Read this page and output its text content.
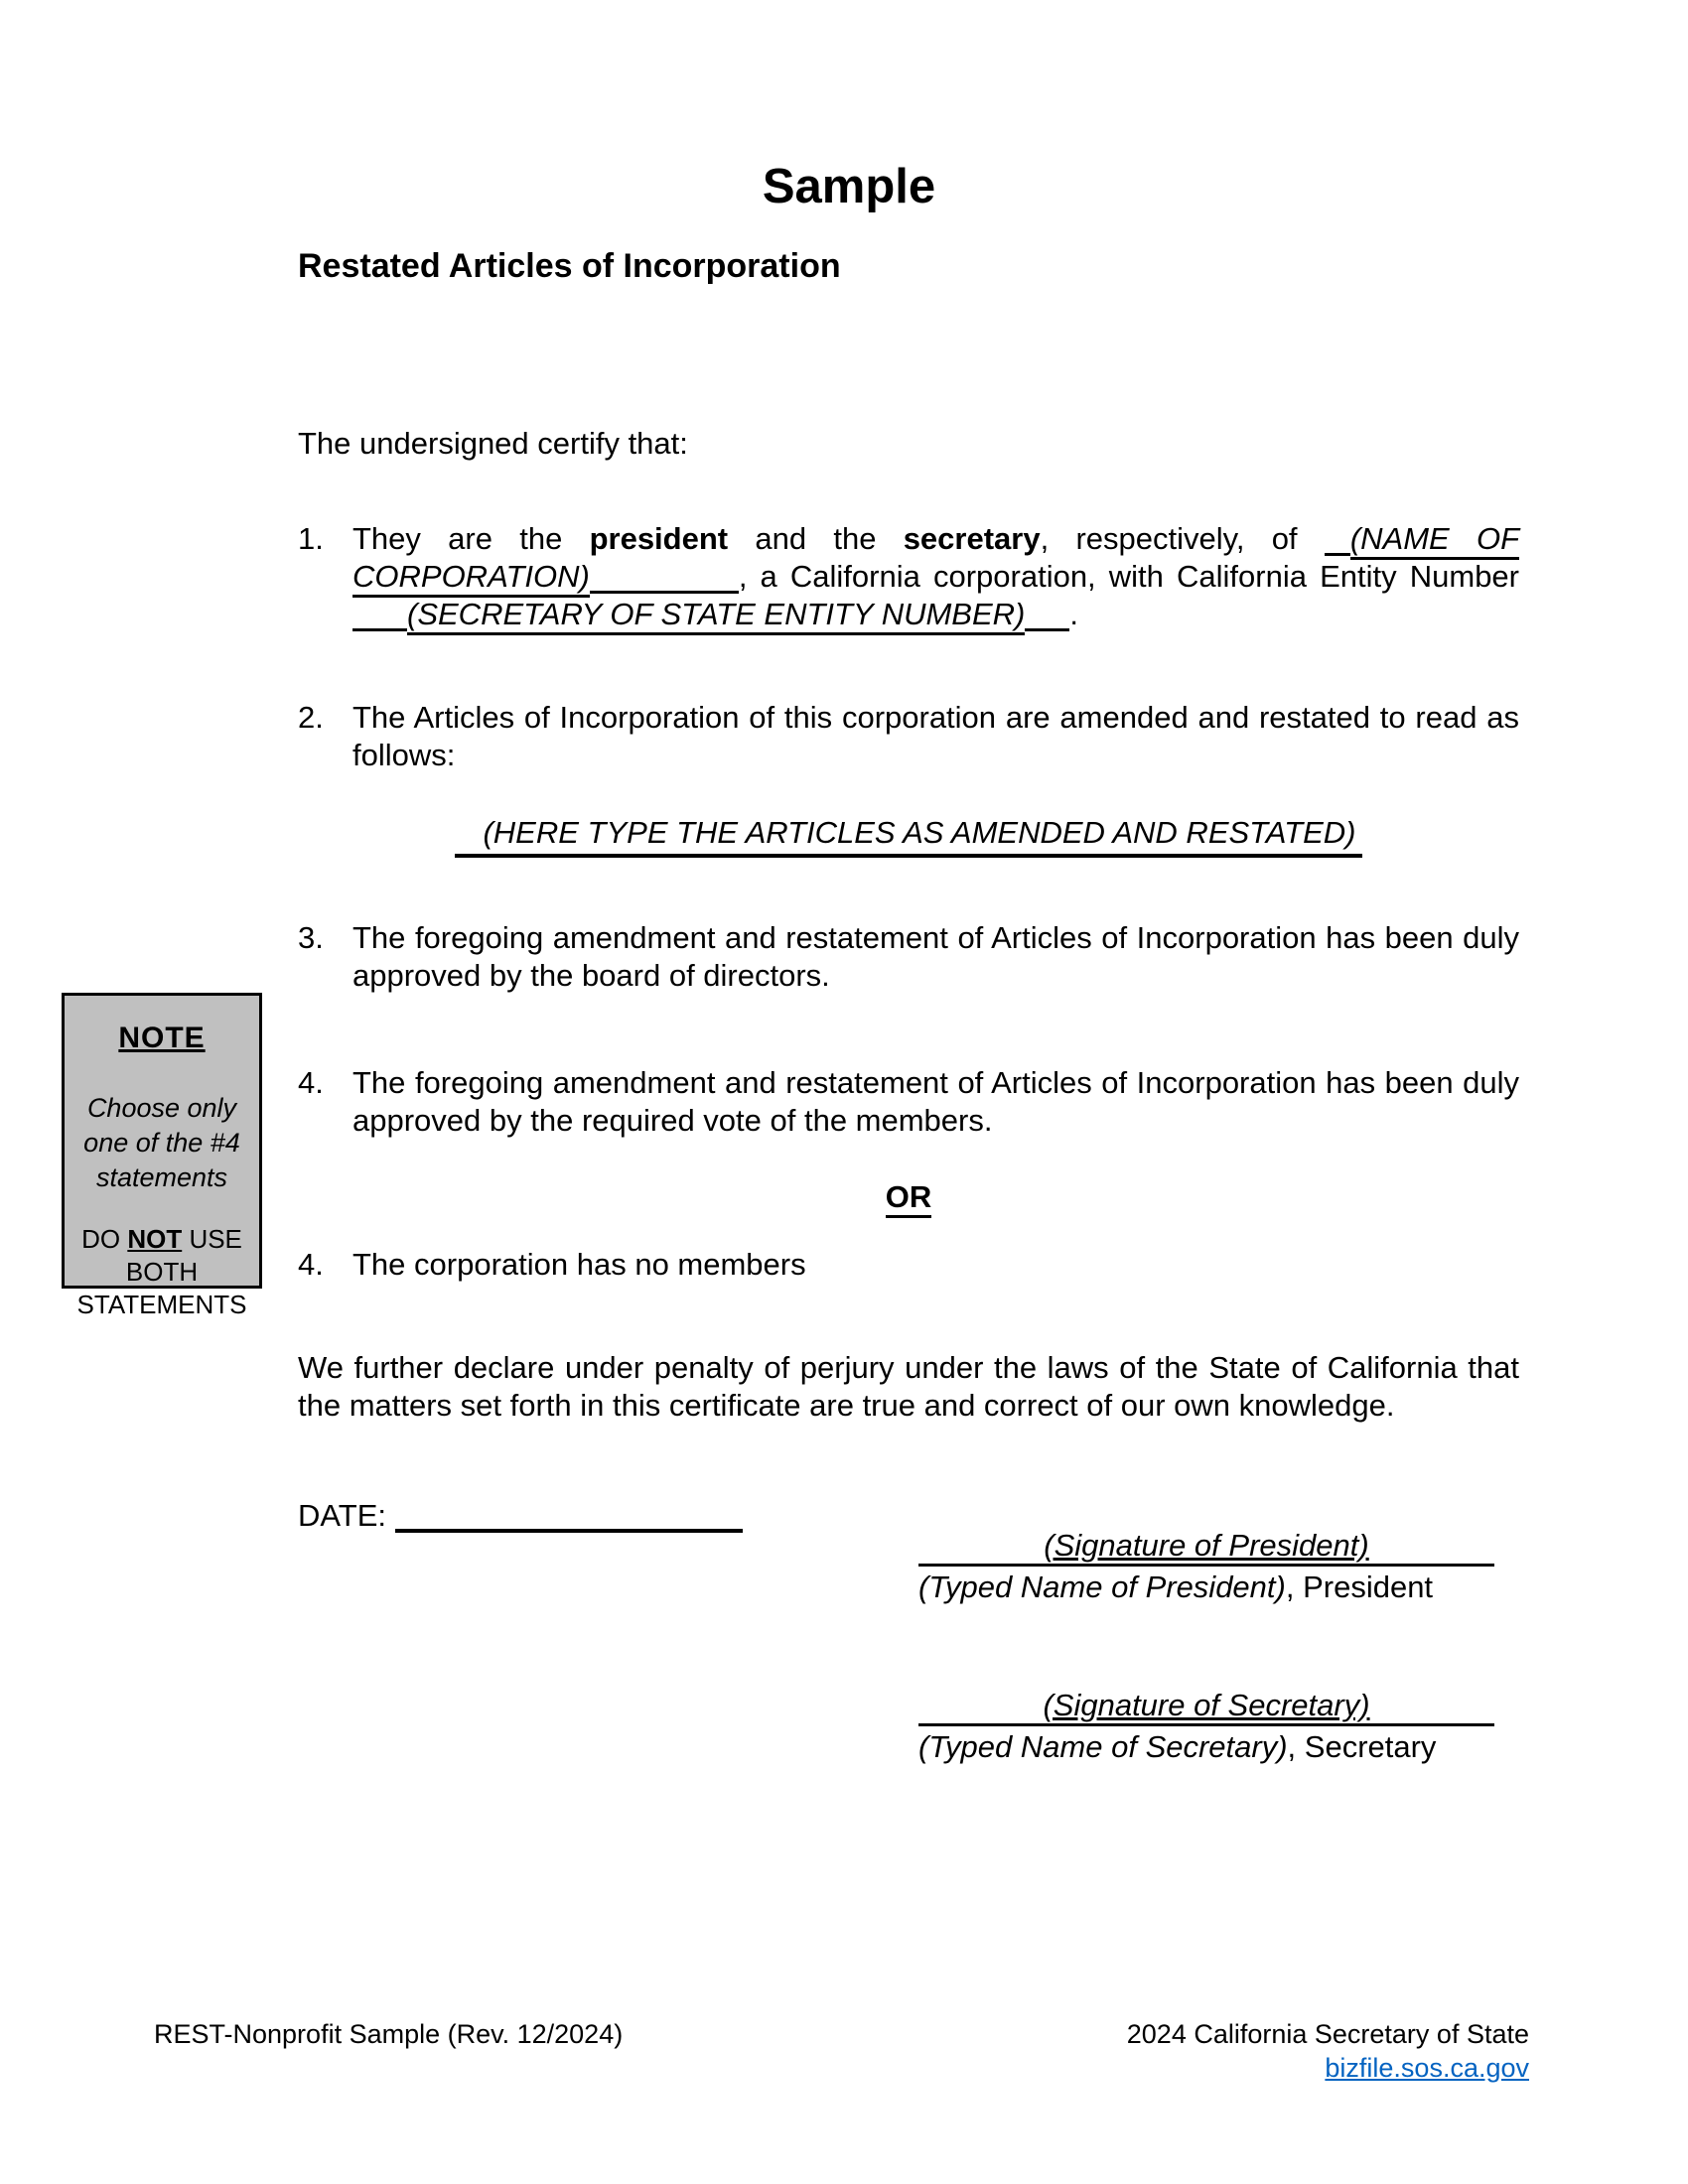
Sample
Restated Articles of Incorporation

The undersigned certify that:

1. They are the president and the secretary, respectively, of (NAME OF CORPORATION)	, a California corporation, with California Entity Number (SECRETARY OF STATE ENTITY NUMBER) .
2. The Articles of Incorporation of this corporation are amended and restated to read as follows:
(HERE TYPE THE ARTICLES AS AMENDED AND RESTATED)
3. The foregoing amendment and restatement of Articles of Incorporation has been duly approved by the board of directors.
4. The foregoing amendment and restatement of Articles of Incorporation has been duly approved by the required vote of the members.
OR
4. The corporation has no members

We further declare under penalty of perjury under the laws of the State of California that the matters set forth in this certificate are true and correct of our own knowledge.

DATE:
(Signature of President)
(Typed Name of President), President
(Signature of Secretary)
(Typed Name of Secretary), Secretary
NOTE
Choose only one of the #4 statements
DO NOT USE BOTH STATEMENTS
REST-Nonprofit Sample (Rev. 12/2024)	2024 California Secretary of State
bizfile.sos.ca.gov
